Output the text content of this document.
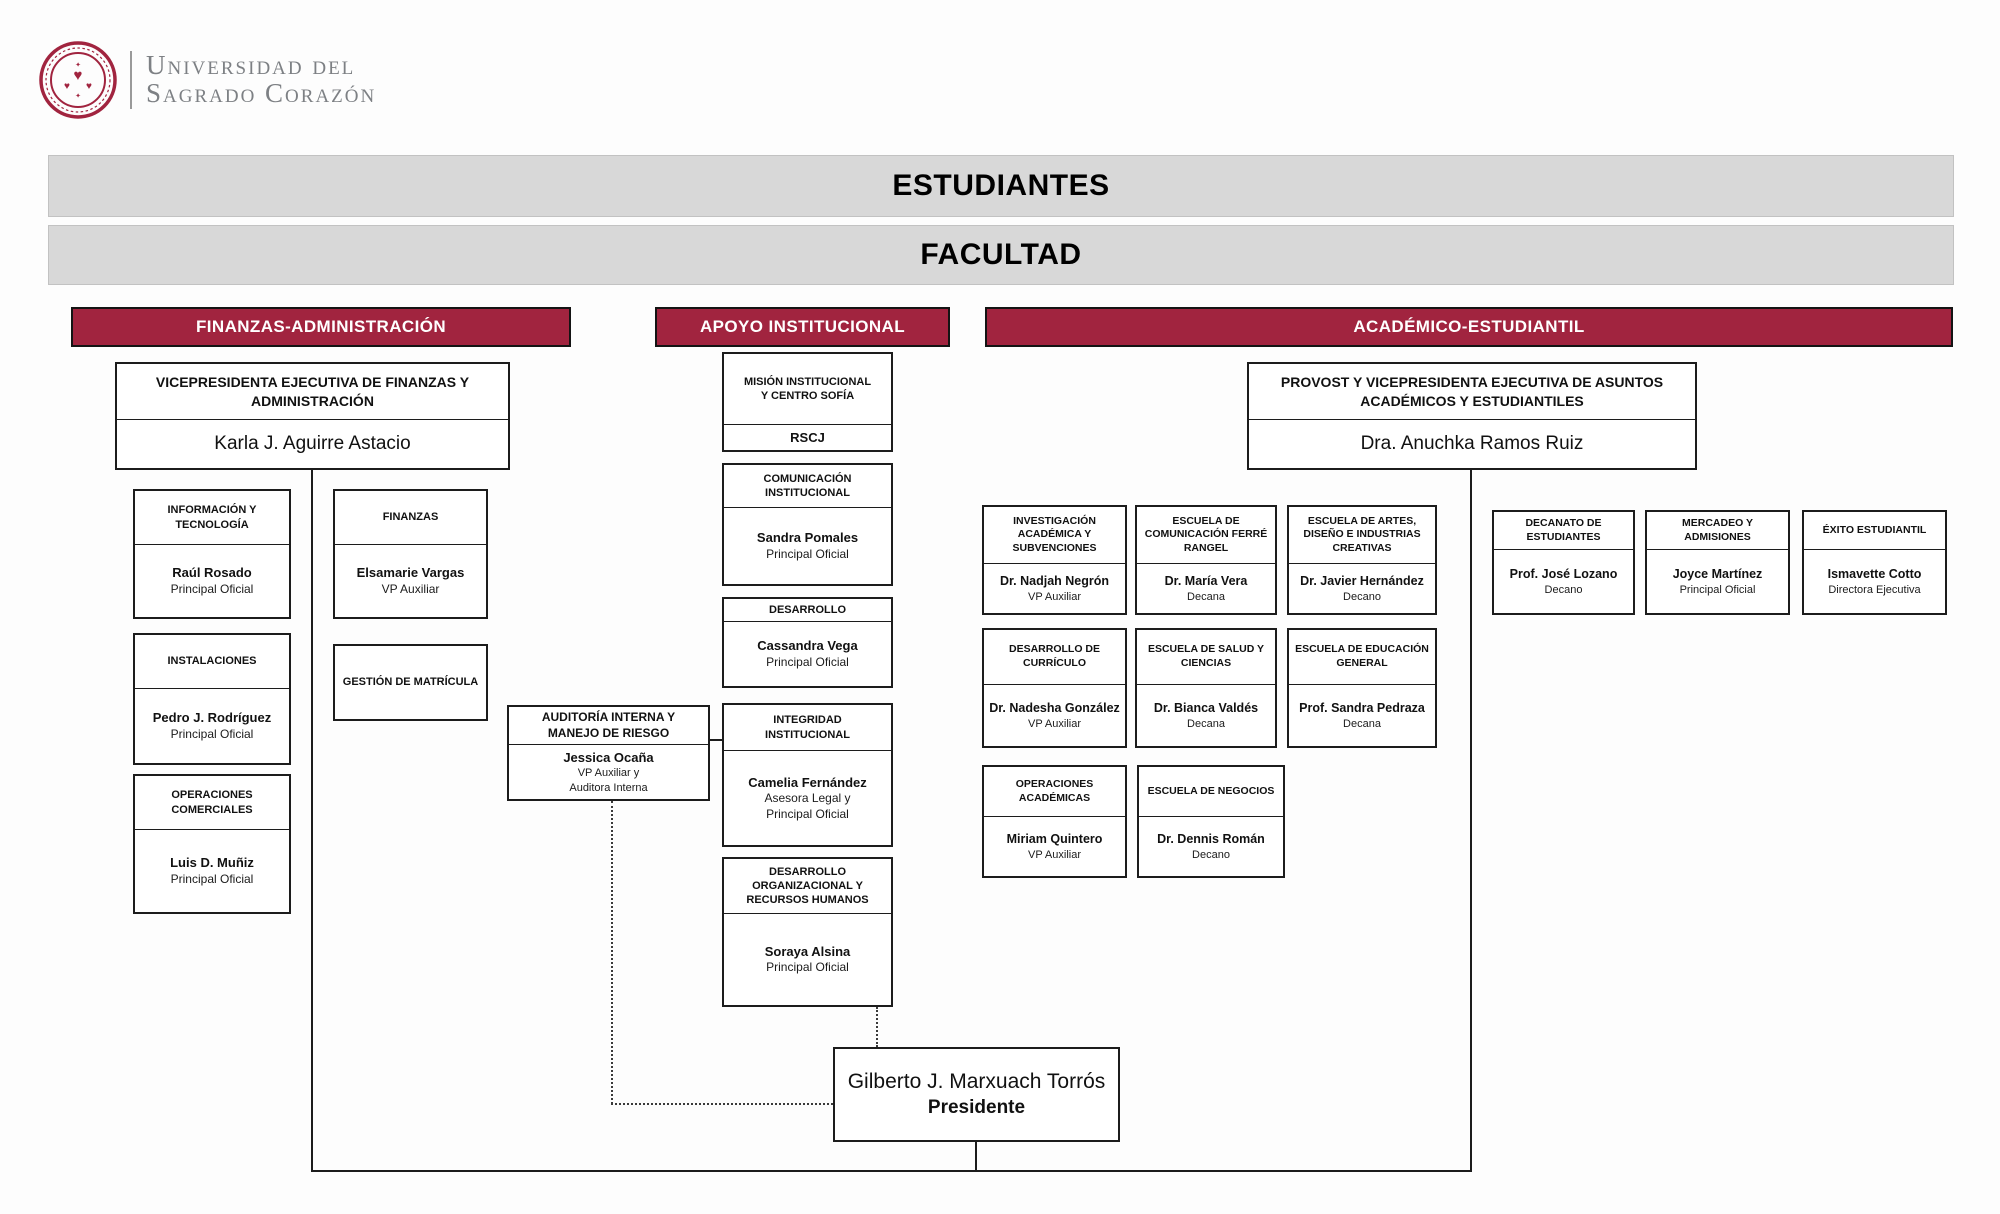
♥
♥ ♥
✦
✦ Universidad del
Sagrado Corazón
ESTUDIANTES
FACULTAD
FINANZAS-ADMINISTRACIÓN	APOYO INSTITUCIONAL	ACADÉMICO-ESTUDIANTIL
VICEPRESIDENTA EJECUTIVA DE FINANZAS Y ADMINISTRACIÓN
Karla J. Aguirre Astacio
INFORMACIÓN Y TECNOLOGÍA
Raúl Rosado
Principal Oficial
INSTALACIONES
Pedro J. Rodríguez
Principal Oficial
OPERACIONES COMERCIALES
Luis D. Muñiz
Principal Oficial
FINANZAS
Elsamarie Vargas
VP Auxiliar
GESTIÓN DE MATRÍCULA
AUDITORÍA INTERNA Y MANEJO DE RIESGO
Jessica Ocaña
VP Auxiliar y
Auditora Interna
MISIÓN INSTITUCIONAL Y CENTRO SOFÍA
RSCJ
COMUNICACIÓN INSTITUCIONAL
Sandra Pomales
Principal Oficial
DESARROLLO
Cassandra Vega
Principal Oficial
INTEGRIDAD INSTITUCIONAL
Camelia Fernández
Asesora Legal y
Principal Oficial
DESARROLLO ORGANIZACIONAL Y RECURSOS HUMANOS
Soraya Alsina
Principal Oficial
PROVOST Y VICEPRESIDENTA EJECUTIVA DE ASUNTOS ACADÉMICOS Y ESTUDIANTILES
Dra. Anuchka Ramos Ruiz
INVESTIGACIÓN ACADÉMICA Y SUBVENCIONES
Dr. Nadjah Negrón
VP Auxiliar
ESCUELA DE COMUNICACIÓN FERRÉ RANGEL
Dr. María Vera
Decana
ESCUELA DE ARTES, DISEÑO E INDUSTRIAS CREATIVAS
Dr. Javier Hernández
Decano
DESARROLLO DE CURRÍCULO
Dr. Nadesha González
VP Auxiliar
ESCUELA DE SALUD Y CIENCIAS
Dr. Bianca Valdés
Decana
ESCUELA DE EDUCACIÓN GENERAL
Prof. Sandra Pedraza
Decana
OPERACIONES ACADÉMICAS
Miriam Quintero
VP Auxiliar
ESCUELA DE NEGOCIOS
Dr. Dennis Román
Decano
DECANATO DE ESTUDIANTES
Prof. José Lozano
Decano
MERCADEO Y ADMISIONES
Joyce Martínez
Principal Oficial
ÉXITO ESTUDIANTIL
Ismavette Cotto
Directora Ejecutiva
Gilberto J. Marxuach Torrós
Presidente
